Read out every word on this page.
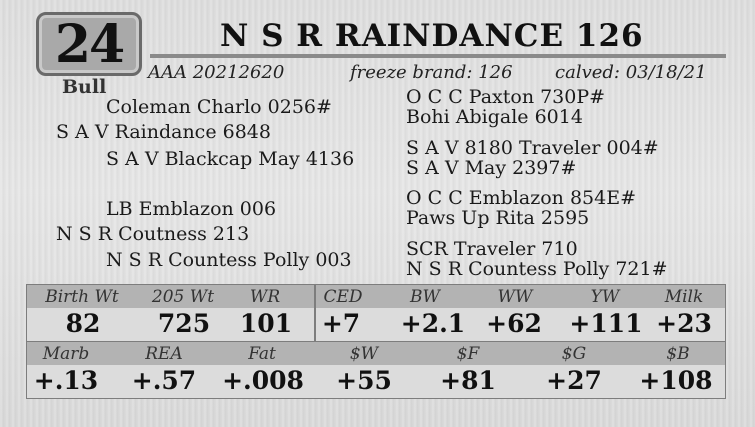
24
Bull
N S R RAINDANCE 126
AAA 20212620	freeze brand: 126 calved: 03/18/21
Coleman Charlo 0256#
S A V Raindance 6848
S A V Blackcap May 4136
LB Emblazon 006
N S R Coutness 213
N S R Countess Polly 003
O C C Paxton 730P#
Bohi Abigale 6014
S A V 8180 Traveler 004#
S A V May 2397#
O C C Emblazon 854E#
Paws Up Rita 2595
SCR Traveler 710
N S R Countess Polly 721#
Birth Wt	205 Wt	WR	CED	BW	WW	YW	Milk
82	725	101	+7	+2.1 +62 +111 +23
Marb	REA	Fat	$W	$F	$G	$B
+.13 +.57 +.008	+55	+81	+27	+108
